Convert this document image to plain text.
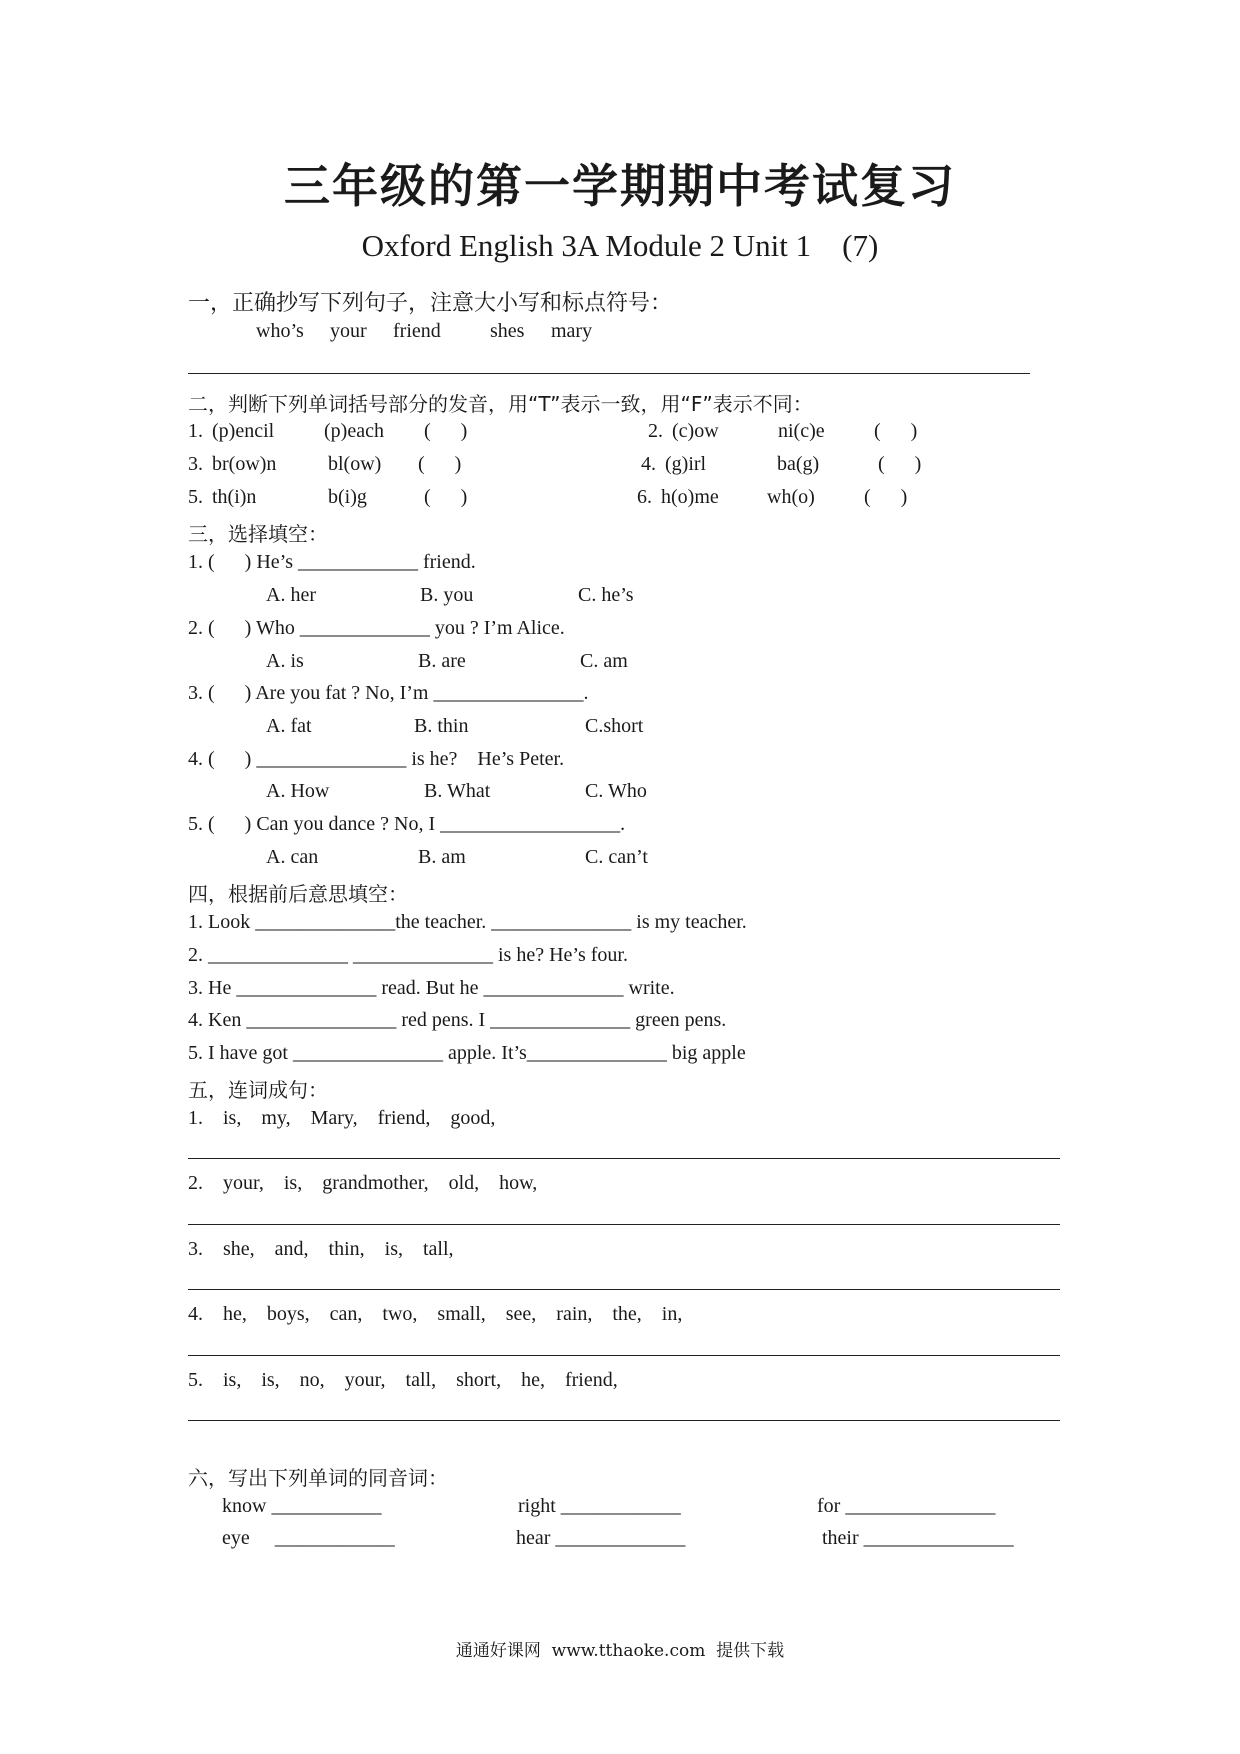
三年级的第一学期期中考试复习
Oxford English 3A Module 2 Unit 1    (7)
一，正确抄写下列句子，注意大小写和标点符号：
who’s your friend shes mary
二，判断下列单词括号部分的发音，用“T”表示一致，用“F”表示不同：
1. (p)encil (p)each (      )	2. (c)ow	ni(c)e (      )
3. br(ow)n	bl(ow) (      )	4. (g)irl	ba(g)	(      )
5. th(i)n	b(i)g	(      )	6. h(o)me wh(o) (      )
三，选择填空：
1. (      ) He’s ____________ friend.
A. her	B. you	C. he’s
2. (      ) Who _____________ you ? I’m Alice.
A. is	B. are	C. am
3. (      ) Are you fat ? No, I’m _______________.
A. fat	B. thin	C.short
4. (      ) _______________ is he?    He’s Peter.
A. How	B. What	C. Who
5. (      ) Can you dance ? No, I __________________.
A. can	B. am	C. can’t
四，根据前后意思填空：
1. Look ______________the teacher. ______________ is my teacher.
2. ______________ ______________ is he? He’s four.
3. He ______________ read. But he ______________ write.
4. Ken _______________ red pens. I ______________ green pens.
5. I have got _______________ apple. It’s______________ big apple
五，连词成句：
1.    is,    my,    Mary,    friend,    good,
2.    your,    is,    grandmother,    old,    how,
3.    she,    and,    thin,    is,    tall,
4.    he,    boys,    can,    two,    small,    see,    rain,    the,    in,
5.    is,    is,    no,    your,    tall,    short,    he,    friend,
六，写出下列单词的同音词：
know ___________	right ____________	for _______________
eye     ____________	hear _____________	their _______________
通通好课网  www.tthaoke.com  提供下载
